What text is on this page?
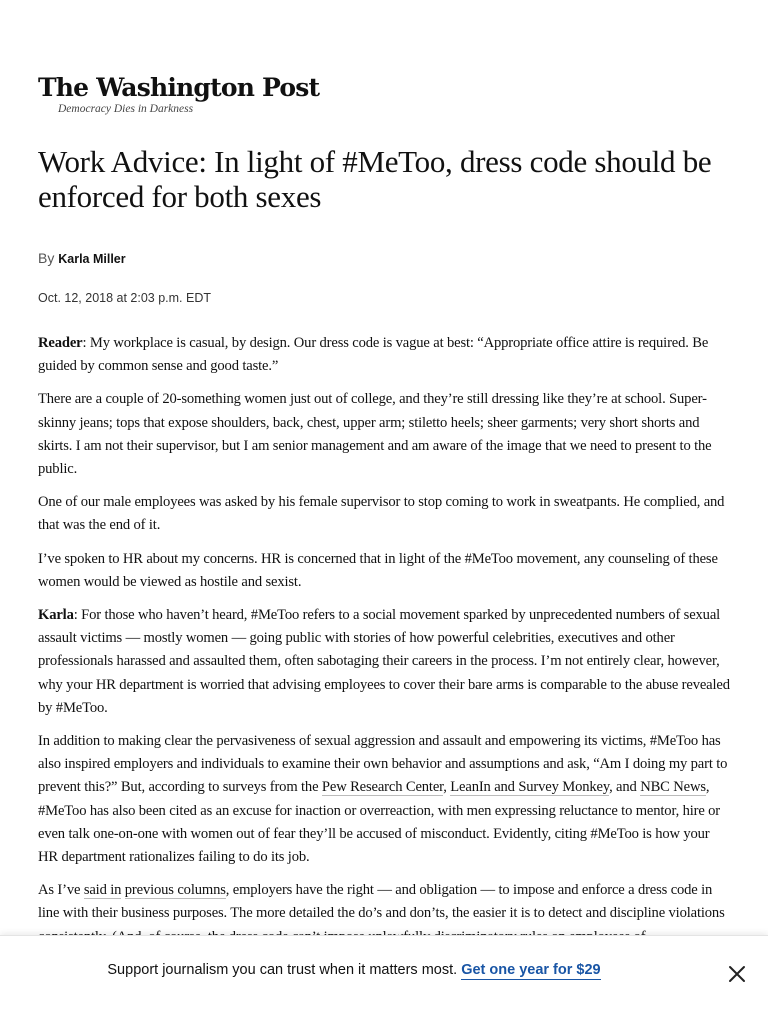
The Washington Post
Democracy Dies in Darkness
Work Advice: In light of #MeToo, dress code should be enforced for both sexes
By Karla Miller
Oct. 12, 2018 at 2:03 p.m. EDT

Reader: My workplace is casual, by design. Our dress code is vague at best: “Appropriate office attire is required. Be guided by common sense and good taste.”

There are a couple of 20-something women just out of college, and they’re still dressing like they’re at school. Super-skinny jeans; tops that expose shoulders, back, chest, upper arm; stiletto heels; sheer garments; very short shorts and skirts. I am not their supervisor, but I am senior management and am aware of the image that we need to present to the public.

One of our male employees was asked by his female supervisor to stop coming to work in sweatpants. He complied, and that was the end of it.

I’ve spoken to HR about my concerns. HR is concerned that in light of the #MeToo movement, any counseling of these women would be viewed as hostile and sexist.

Karla: For those who haven’t heard, #MeToo refers to a social movement sparked by unprecedented numbers of sexual assault victims — mostly women — going public with stories of how powerful celebrities, executives and other professionals harassed and assaulted them, often sabotaging their careers in the process. I’m not entirely clear, however, why your HR department is worried that advising employees to cover their bare arms is comparable to the abuse revealed by #MeToo.

In addition to making clear the pervasiveness of sexual aggression and assault and empowering its victims, #MeToo has also inspired employers and individuals to examine their own behavior and assumptions and ask, “Am I doing my part to prevent this?” But, according to surveys from the Pew Research Center, LeanIn and Survey Monkey, and NBC News, #MeToo has also been cited as an excuse for inaction or overreaction, with men expressing reluctance to mentor, hire or even talk one-on-one with women out of fear they’ll be accused of misconduct. Evidently, citing #MeToo is how your HR department rationalizes failing to do its job.

As I’ve said in previous columns, employers have the right — and obligation — to impose and enforce a dress code in line with their business purposes. The more detailed the do’s and don’ts, the easier it is to detect and discipline violations

Support journalism you can trust when it matters most. Get one year for $29
